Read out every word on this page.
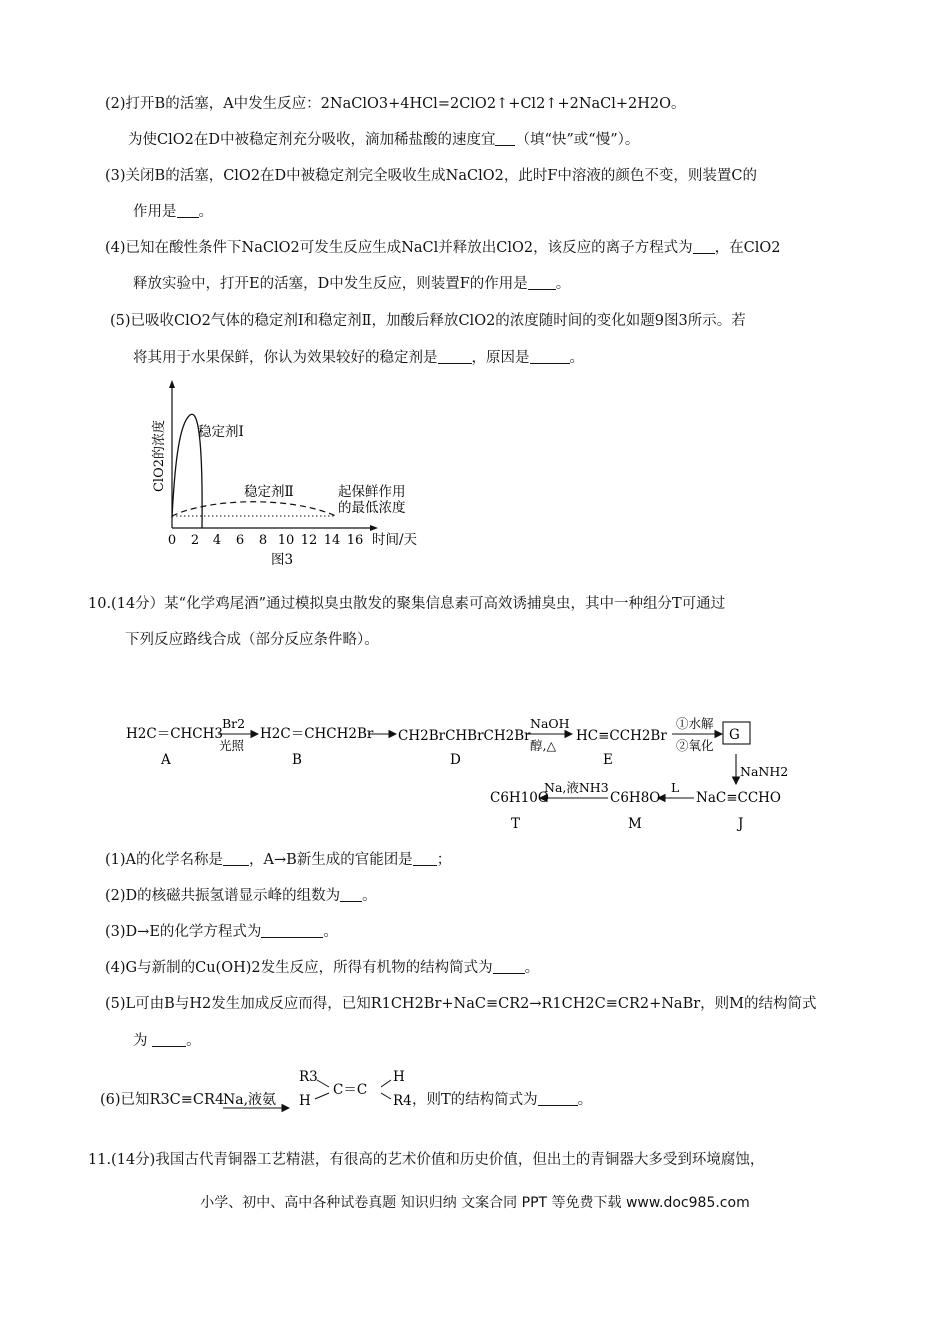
(2)打开B的活塞，A中发生反应：2NaClO3+4HCl=2ClO2↑+Cl2↑+2NaCl+2H2O。
为使ClO2在D中被稳定剂充分吸收，滴加稀盐酸的速度宜 （填“快”或“慢”）。
(3)关闭B的活塞，ClO2在D中被稳定剂完全吸收生成NaClO2，此时F中溶液的颜色不变，则装置C的
作用是 。
(4)已知在酸性条件下NaClO2可发生反应生成NaCl并释放出ClO2，该反应的离子方程式为 ，在ClO2
释放实验中，打开E的活塞，D中发生反应，则装置F的作用是 。
(5)已吸收ClO2气体的稳定剂Ⅰ和稳定剂Ⅱ，加酸后释放ClO2的浓度随时间的变化如题9图3所示。若
将其用于水果保鲜，你认为效果较好的稳定剂是 ，原因是	。
ClO2的浓度 稳定剂Ⅰ
稳定剂Ⅱ	起保鲜作用
的最低浓度
0 2 4 6 8 10 12 14 16 时间/天
图3
10.(14分）某“化学鸡尾酒”通过模拟臭虫散发的聚集信息素可高效诱捕臭虫，其中一种组分T可通过
下列反应路线合成（部分反应条件略）。
H2C＝CHCH3
Br2
光照
H2C＝CHCH2Br CH2BrCHBrCH2Br
NaOH
醇,△
HC≡CCH2Br
①水解
②氧化
G
A	B	D	E
NaNH2
NaC≡CCHO
L
C6H8O
Na,液NH3
C6H10O
J
M
T
(1)A的化学名称是 ，A→B新生成的官能团是 ；
(2)D的核磁共振氢谱显示峰的组数为 。
(3)D→E的化学方程式为	。
(4)G与新制的Cu(OH)2发生反应，所得有机物的结构简式为 。
(5)L可由B与H2发生加成反应而得，已知R1CH2Br+NaC≡CR2→R1CH2C≡CR2+NaBr，则M的结构简式
为	。
(6)已知R3C≡CR4
Na,液氨
R3
H
C＝C
H
R4 ，则T的结构简式为	。
11.(14分)我国古代青铜器工艺精湛，有很高的艺术价值和历史价值，但出土的青铜器大多受到环境腐蚀，
小学、初中、高中各种试卷真题 知识归纳 文案合同 PPT 等免费下载 www.doc985.com
